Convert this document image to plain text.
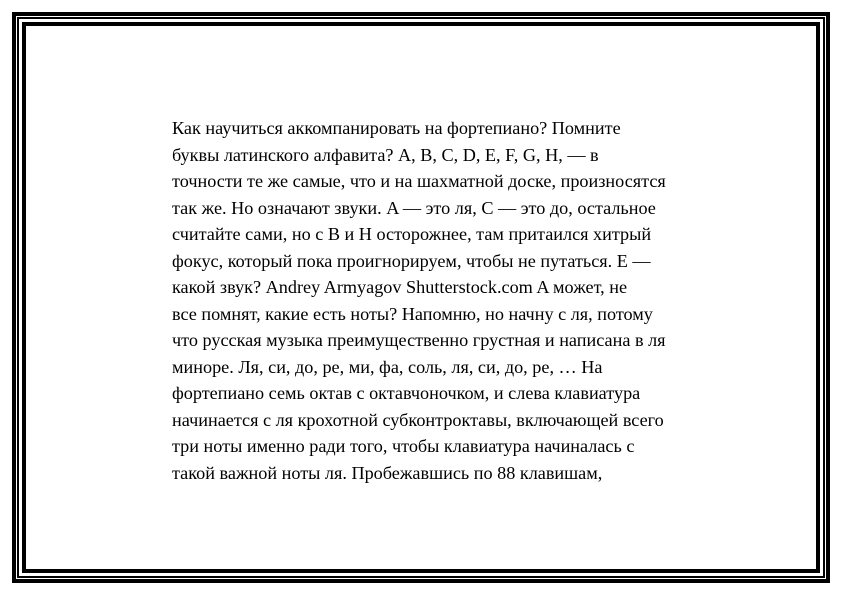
Как научиться аккомпанировать на фортепиано? Помните
буквы латинского алфавита? A, B, C, D, E, F, G, H, — в
точности те же самые, что и на шахматной доске, произносятся
так же. Но означают звуки. A — это ля, C — это до, остальное
считайте сами, но с B и H осторожнее, там притаился хитрый
фокус, который пока проигнорируем, чтобы не путаться. E —
какой звук? Andrey Armyagov Shutterstock.com A может, не
все помнят, какие есть ноты? Напомню, но начну с ля, потому
что русская музыка преимущественно грустная и написана в ля
миноре. Ля, си, до, ре, ми, фа, соль, ля, си, до, ре, … На
фортепиано семь октав с октавчоночком, и слева клавиатура
начинается с ля крохотной субконтроктавы, включающей всего
три ноты именно ради того, чтобы клавиатура начиналась с
такой важной ноты ля. Пробежавшись по 88 клавишам,
